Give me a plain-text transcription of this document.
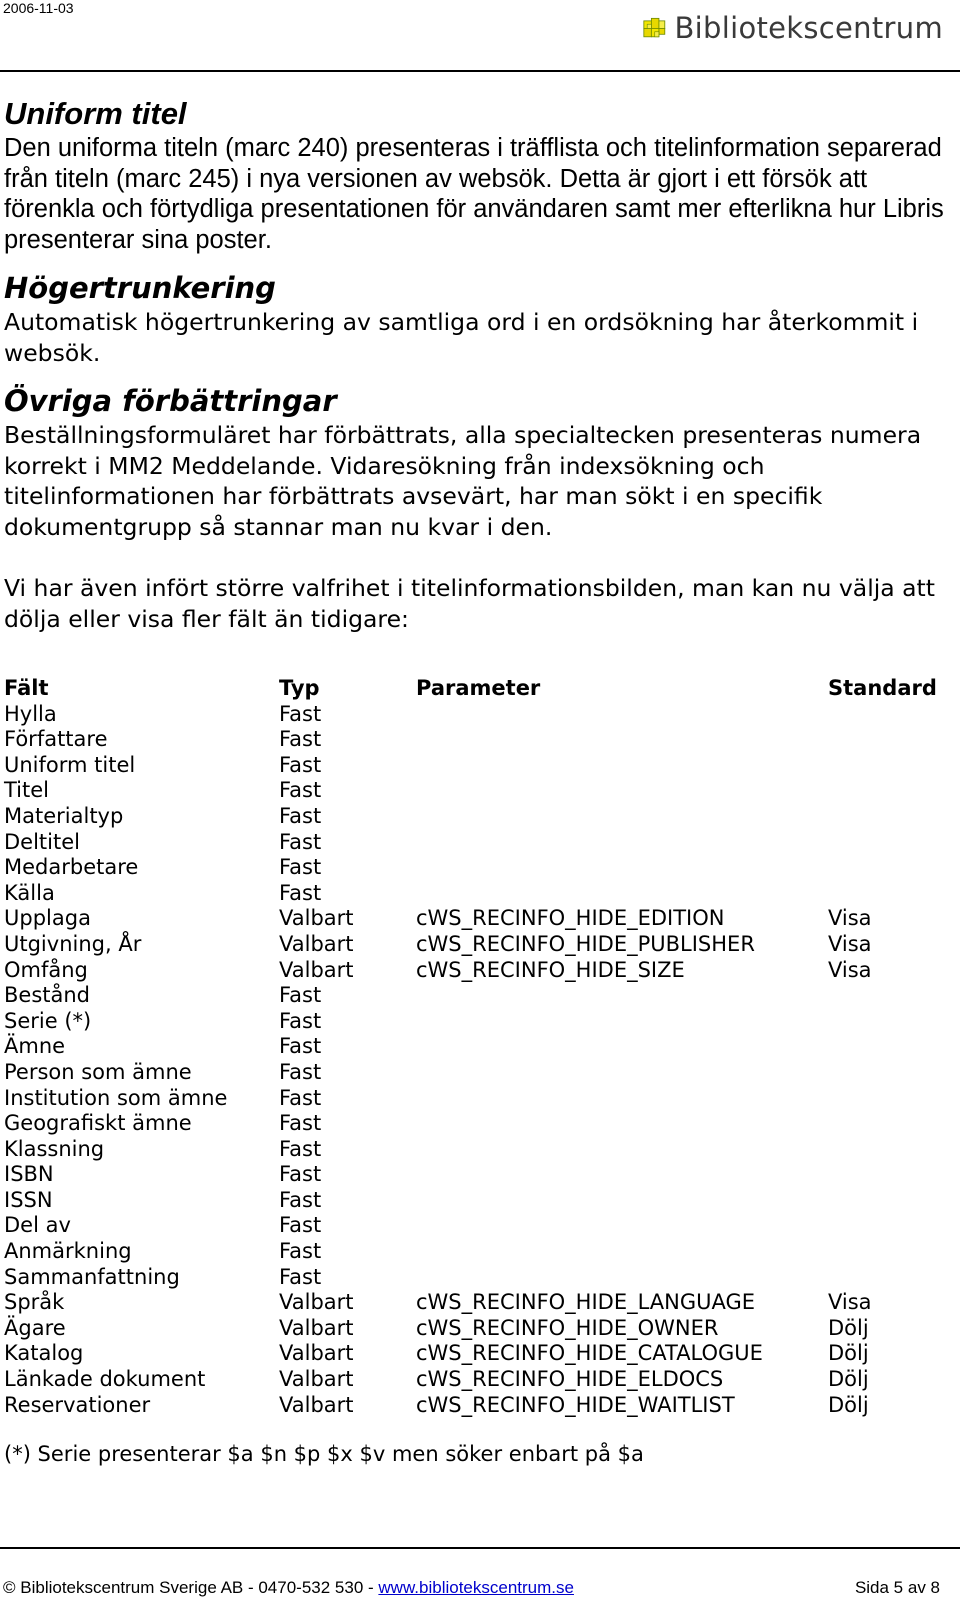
2006-11-03
Bibliotekscentrum
Uniform titel

Den uniforma titeln (marc 240) presenteras i träfflista och titelinformation separerad från titeln (marc 245) i nya versionen av websök. Detta är gjort i ett försök att förenkla och förtydliga presentationen för användaren samt mer efterlikna hur Libris presenterar sina poster.

Högertrunkering

Automatisk högertrunkering av samtliga ord i en ordsökning har återkommit i websök.

Övriga förbättringar

Beställningsformuläret har förbättrats, alla specialtecken presenteras numera korrekt i MM2 Meddelande. Vidaresökning från indexsökning och titelinformationen har förbättrats avsevärt, har man sökt i en specifik dokumentgrupp så stannar man nu kvar i den.

Vi har även infört större valfrihet i titelinformationsbilden, man kan nu välja att dölja eller visa fler fält än tidigare:

Fält	Typ	Parameter	Standard
Hylla	Fast		
Författare	Fast		
Uniform titel	Fast		
Titel	Fast		
Materialtyp	Fast		
Deltitel	Fast		
Medarbetare	Fast		
Källa	Fast		
Upplaga	Valbart	cWS_RECINFO_HIDE_EDITION	Visa
Utgivning, År	Valbart	cWS_RECINFO_HIDE_PUBLISHER	Visa
Omfång	Valbart	cWS_RECINFO_HIDE_SIZE	Visa
Bestånd	Fast		
Serie (*)	Fast		
Ämne	Fast		
Person som ämne	Fast		
Institution som ämne	Fast		
Geografiskt ämne	Fast		
Klassning	Fast		
ISBN	Fast		
ISSN	Fast		
Del av	Fast		
Anmärkning	Fast		
Sammanfattning	Fast		
Språk	Valbart	cWS_RECINFO_HIDE_LANGUAGE	Visa
Ägare	Valbart	cWS_RECINFO_HIDE_OWNER	Dölj
Katalog	Valbart	cWS_RECINFO_HIDE_CATALOGUE	Dölj
Länkade dokument	Valbart	cWS_RECINFO_HIDE_ELDOCS	Dölj
Reservationer	Valbart	cWS_RECINFO_HIDE_WAITLIST	Dölj
(*) Serie presenterar $a $n $p $x $v men söker enbart på $a
© Bibliotekscentrum Sverige AB - 0470-532 530 - www.bibliotekscentrum.se	Sida 5 av 8
